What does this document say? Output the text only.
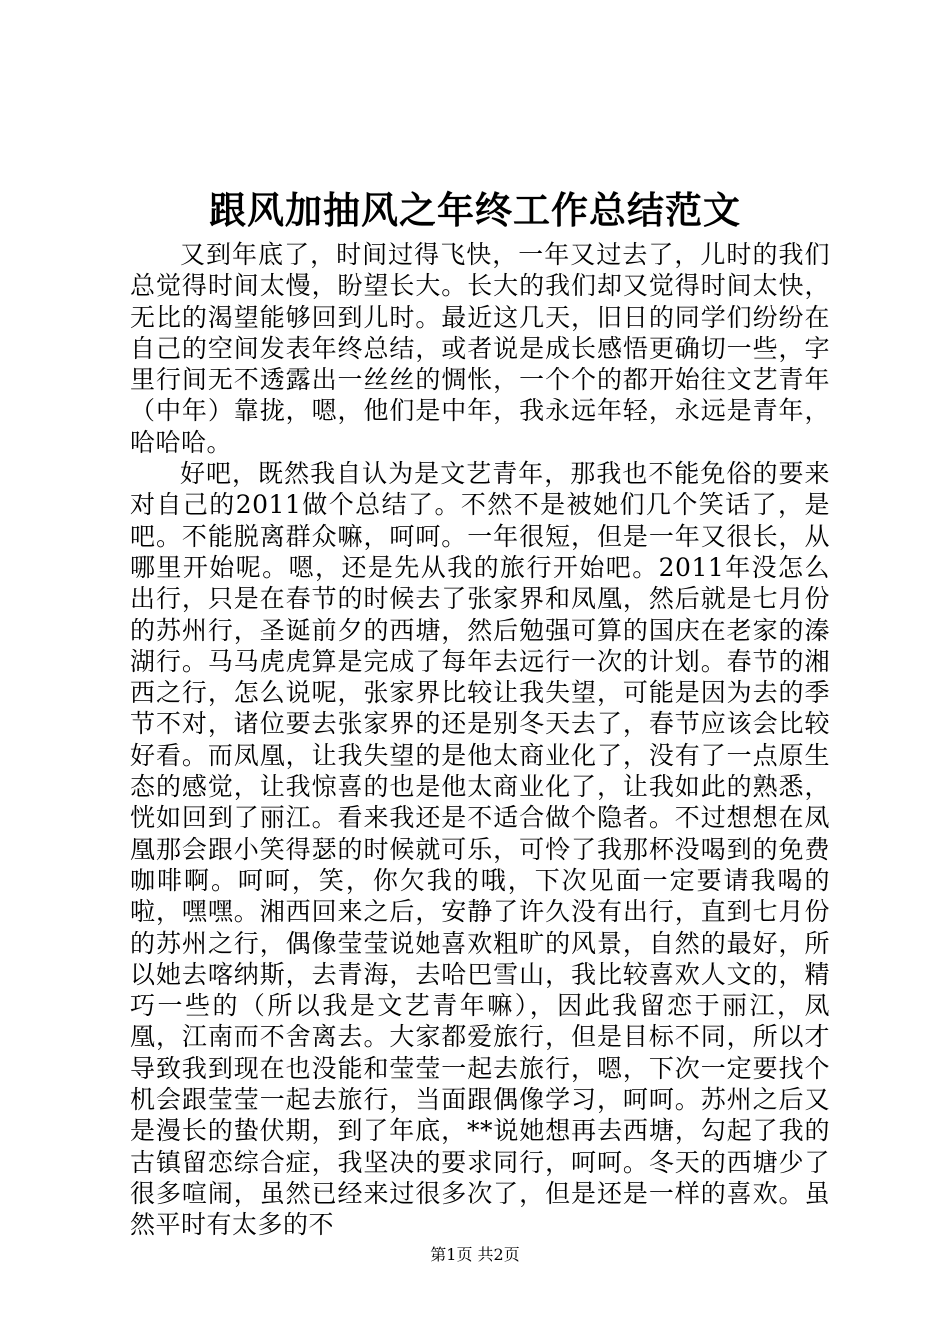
跟风加抽风之年终工作总结范文

又到年底了，时间过得飞快，一年又过去了，儿时的我们总觉得时间太慢，盼望长大。长大的我们却又觉得时间太快，无比的渴望能够回到儿时。最近这几天，旧日的同学们纷纷在自己的空间发表年终总结，或者说是成长感悟更确切一些，字里行间无不透露出一丝丝的惆怅，一个个的都开始往文艺青年（中年）靠拢，嗯，他们是中年，我永远年轻，永远是青年，哈哈哈。

好吧，既然我自认为是文艺青年，那我也不能免俗的要来对自己的2011做个总结了。不然不是被她们几个笑话了，是吧。不能脱离群众嘛，呵呵。一年很短，但是一年又很长，从哪里开始呢。嗯，还是先从我的旅行开始吧。2011年没怎么出行，只是在春节的时候去了张家界和凤凰，然后就是七月份的苏州行，圣诞前夕的西塘，然后勉强可算的国庆在老家的溱湖行。马马虎虎算是完成了每年去远行一次的计划。春节的湘西之行，怎么说呢，张家界比较让我失望，可能是因为去的季节不对，诸位要去张家界的还是别冬天去了，春节应该会比较好看。而凤凰，让我失望的是他太商业化了，没有了一点原生态的感觉，让我惊喜的也是他太商业化了，让我如此的熟悉，恍如回到了丽江。看来我还是不适合做个隐者。不过想想在凤凰那会跟小笑得瑟的时候就可乐，可怜了我那杯没喝到的免费咖啡啊。呵呵，笑，你欠我的哦，下次见面一定要请我喝的啦，嘿嘿。湘西回来之后，安静了许久没有出行，直到七月份的苏州之行，偶像莹莹说她喜欢粗旷的风景，自然的最好，所以她去喀纳斯，去青海，去哈巴雪山，我比较喜欢人文的，精巧一些的（所以我是文艺青年嘛），因此我留恋于丽江，凤凰，江南而不舍离去。大家都爱旅行，但是目标不同，所以才导致我到现在也没能和莹莹一起去旅行，嗯，下次一定要找个机会跟莹莹一起去旅行，当面跟偶像学习，呵呵。苏州之后又是漫长的蛰伏期，到了年底，**说她想再去西塘，勾起了我的古镇留恋综合症，我坚决的要求同行，呵呵。冬天的西塘少了很多喧闹，虽然已经来过很多次了，但是还是一样的喜欢。虽然平时有太多的不

第1页 共2页
